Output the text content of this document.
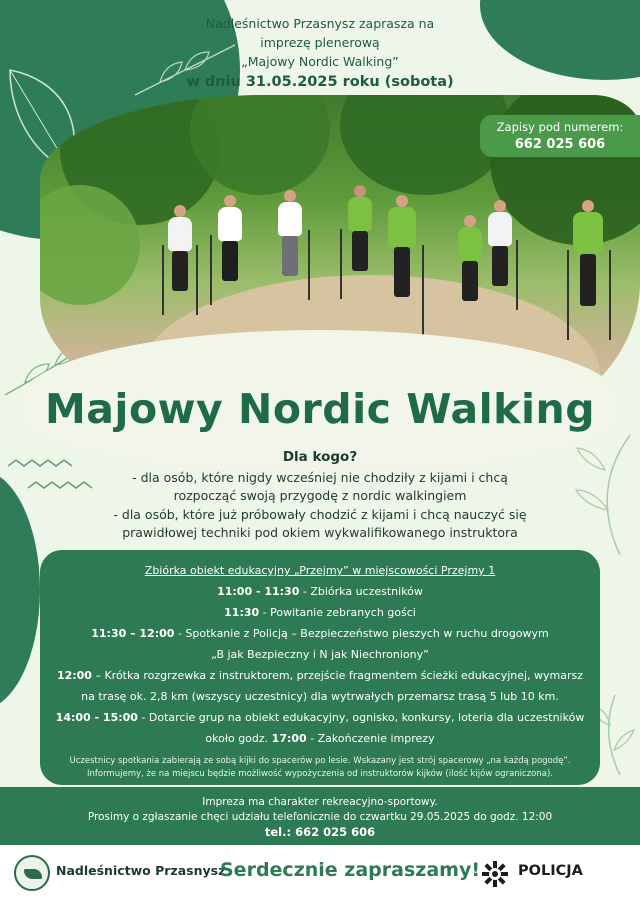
Nadleśnictwo Przasnysz zaprasza na
imprezę plenerową
„Majowy Nordic Walking”
w dniu 31.05.2025 roku (sobota)
Zapisy pod numerem:
662 025 606
Majowy Nordic Walking
Dla kogo?
- dla osób, które nigdy wcześniej nie chodziły z kijami i chcą
rozpocząć swoją przygodę z nordic walkingiem
- dla osób, które już próbowały chodzić z kijami i chcą nauczyć się
prawidłowej techniki pod okiem wykwalifikowanego instruktora
Zbiórka obiekt edukacyjny „Przejmy” w miejscowości Przejmy 1
11:00 - 11:30 - Zbiórka uczestników
11:30 - Powitanie zebranych gości
11:30 – 12:00 - Spotkanie z Policją – Bezpieczeństwo pieszych w ruchu drogowym
„B jak Bezpieczny i N jak Niechroniony”
12:00 – Krótka rozgrzewka z instruktorem, przejście fragmentem ścieżki edukacyjnej, wymarsz
na trasę ok. 2,8 km (wszyscy uczestnicy) dla wytrwałych przemarsz trasą 5 lub 10 km.
14:00 - 15:00 - Dotarcie grup na obiekt edukacyjny, ognisko, konkursy, loteria dla uczestników
około godz. 17:00 - Zakończenie imprezy
Uczestnicy spotkania zabierają ze sobą kijki do spacerów po lesie. Wskazany jest strój spacerowy „na każdą pogodę”.
Informujemy, że na miejscu będzie możliwość wypożyczenia od instruktorów kijków (ilość kijów ograniczona).
Impreza ma charakter rekreacyjno-sportowy.
Prosimy o zgłaszanie chęci udziału telefonicznie do czwartku 29.05.2025 do godz. 12:00
tel.: 662 025 606
Nadleśnictwo Przasnysz
Serdecznie zapraszamy!	POLICJA
